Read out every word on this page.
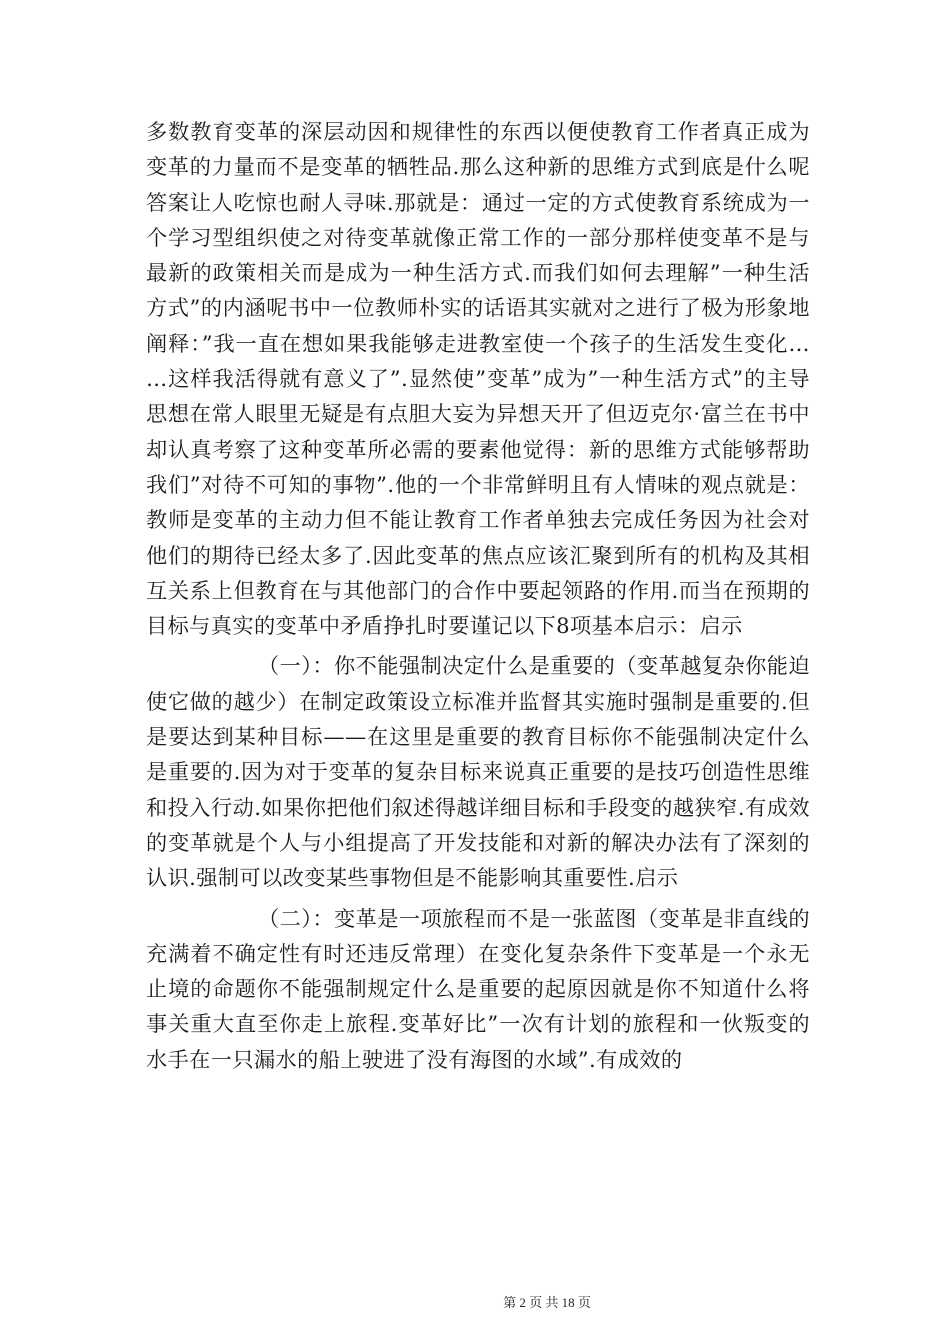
多数教育变革的深层动因和规律性的东西以便使教育工作者真正成为变革的力量而不是变革的牺牲品.那么这种新的思维方式到底是什么呢答案让人吃惊也耐人寻味.那就是：通过一定的方式使教育系统成为一个学习型组织使之对待变革就像正常工作的一部分那样使变革不是与最新的政策相关而是成为一种生活方式.而我们如何去理解”一种生活方式”的内涵呢书中一位教师朴实的话语其实就对之进行了极为形象地阐释：”我一直在想如果我能够走进教室使一个孩子的生活发生变化……这样我活得就有意义了”.显然使”变革”成为”一种生活方式”的主导思想在常人眼里无疑是有点胆大妄为异想天开了但迈克尔·富兰在书中却认真考察了这种变革所必需的要素他觉得：新的思维方式能够帮助我们”对待不可知的事物”.他的一个非常鲜明且有人情味的观点就是：教师是变革的主动力但不能让教育工作者单独去完成任务因为社会对他们的期待已经太多了.因此变革的焦点应该汇聚到所有的机构及其相互关系上但教育在与其他部门的合作中要起领路的作用.而当在预期的目标与真实的变革中矛盾挣扎时要谨记以下8项基本启示：启示

（一）：你不能强制决定什么是重要的（变革越复杂你能迫使它做的越少）在制定政策设立标准并监督其实施时强制是重要的.但是要达到某种目标——在这里是重要的教育目标你不能强制决定什么是重要的.因为对于变革的复杂目标来说真正重要的是技巧创造性思维和投入行动.如果你把他们叙述得越详细目标和手段变的越狭窄.有成效的变革就是个人与小组提高了开发技能和对新的解决办法有了深刻的认识.强制可以改变某些事物但是不能影响其重要性.启示

（二）：变革是一项旅程而不是一张蓝图（变革是非直线的充满着不确定性有时还违反常理）在变化复杂条件下变革是一个永无止境的命题你不能强制规定什么是重要的起原因就是你不知道什么将事关重大直至你走上旅程.变革好比”一次有计划的旅程和一伙叛变的水手在一只漏水的船上驶进了没有海图的水域”.有成效的

第 2 页 共 18 页
